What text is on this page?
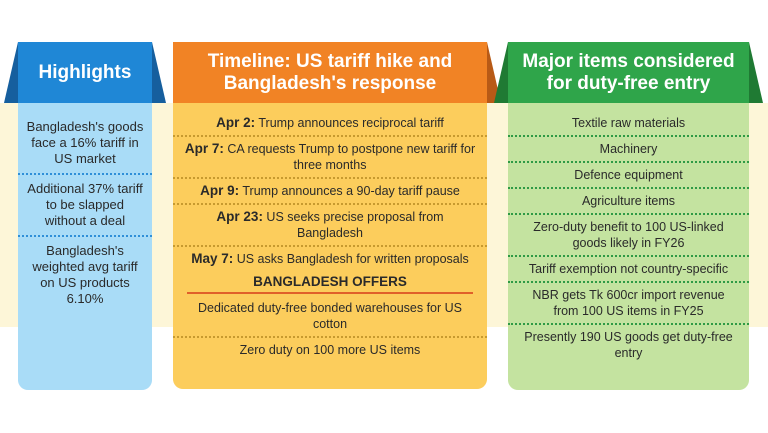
Highlights
Bangladesh's goods face a 16% tariff in US market
Additional 37% tariff to be slapped without a deal
Bangladesh's weighted avg tariff on US products 6.10%
Timeline: US tariff hike and
Bangladesh's response
Apr 2: Trump announces reciprocal tariff
Apr 7: CA requests Trump to postpone new tariff for three months
Apr 9: Trump announces a 90-day tariff pause
Apr 23: US seeks precise proposal from Bangladesh
May 7: US asks Bangladesh for written proposals
BANGLADESH OFFERS
Dedicated duty-free bonded warehouses for US cotton
Zero duty on 100 more US items
Major items considered
for duty-free entry
Textile raw materials
Machinery
Defence equipment
Agriculture items
Zero-duty benefit to 100 US-linked goods likely in FY26
Tariff exemption not country-specific
NBR gets Tk 600cr import revenue from 100 US items in FY25
Presently 190 US goods get duty-free entry
